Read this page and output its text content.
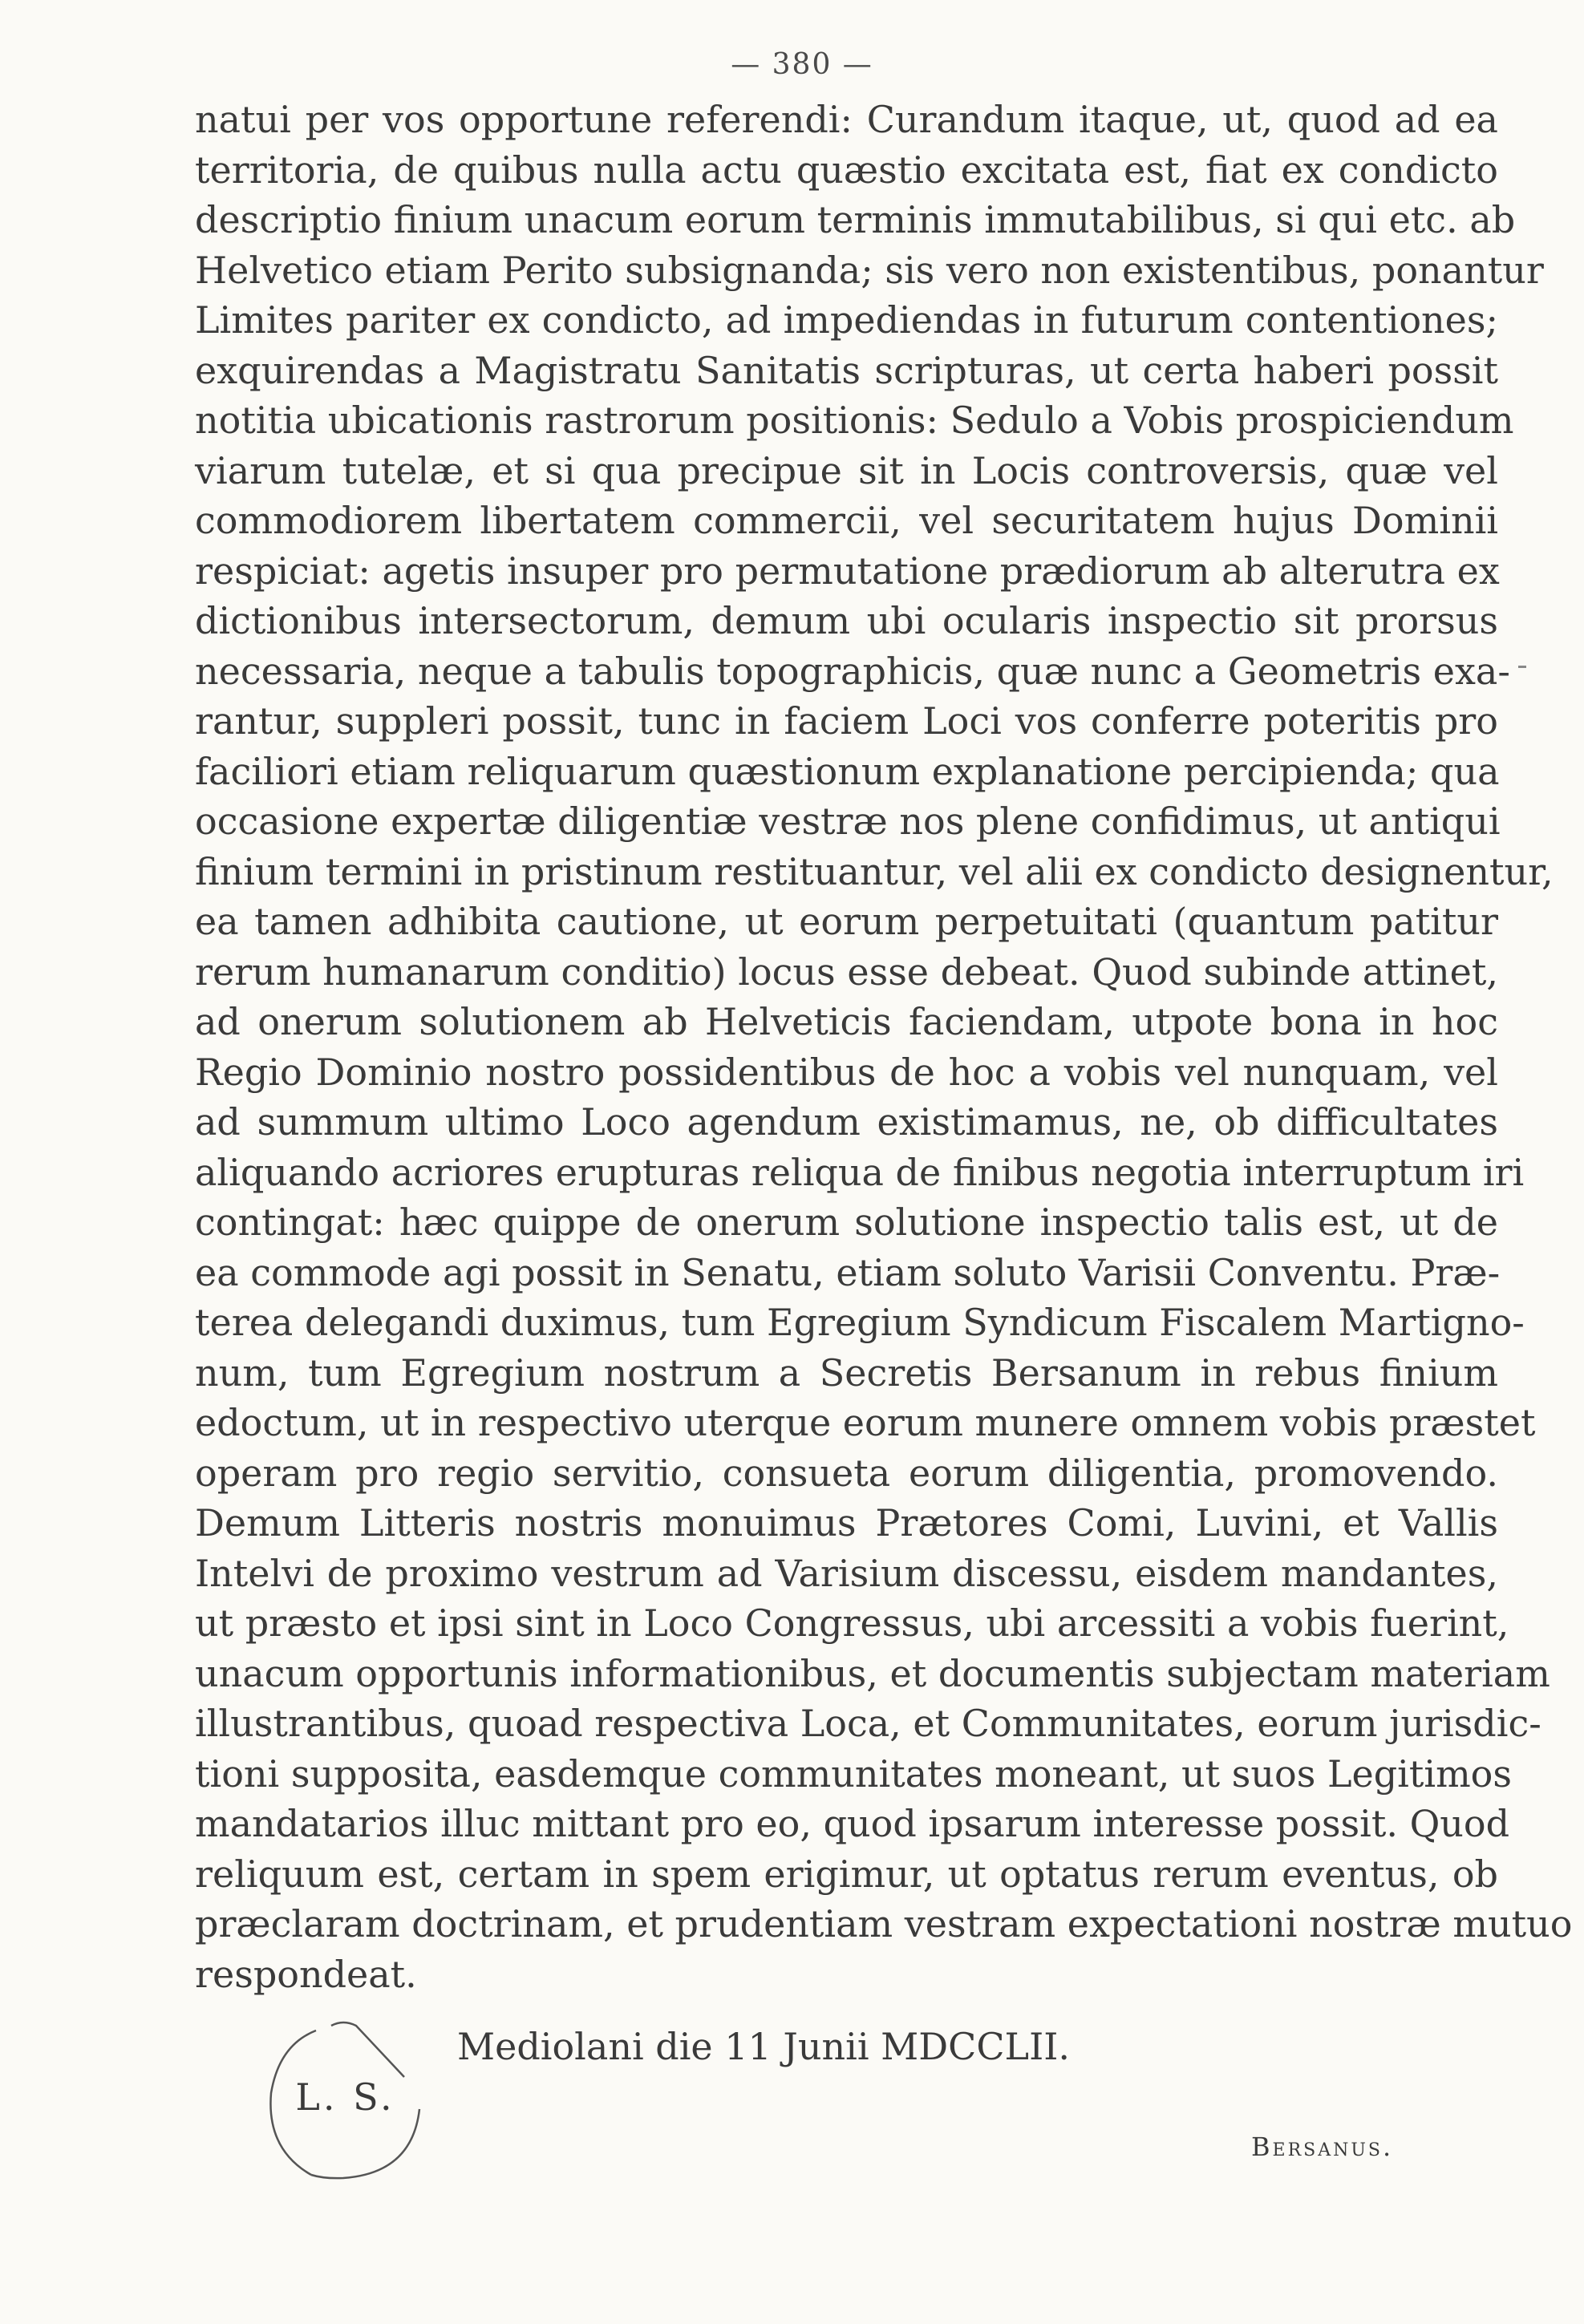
— 380 —
natui per vos opportune referendi: Curandum itaque, ut, quod ad ea
territoria, de quibus nulla actu quæstio excitata est, fiat ex condicto
descriptio finium unacum eorum terminis immutabilibus, si qui etc. ab
Helvetico etiam Perito subsignanda; sis vero non existentibus, ponantur
Limites pariter ex condicto, ad impediendas in futurum contentiones;
exquirendas a Magistratu Sanitatis scripturas, ut certa haberi possit
notitia ubicationis rastrorum positionis: Sedulo a Vobis prospiciendum
viarum tutelæ, et si qua precipue sit in Locis controversis, quæ vel
commodiorem libertatem commercii, vel securitatem hujus Dominii
respiciat: agetis insuper pro permutatione prædiorum ab alterutra ex
dictionibus intersectorum, demum ubi ocularis inspectio sit prorsus
necessaria, neque a tabulis topographicis, quæ nunc a Geometris exa-
rantur, suppleri possit, tunc in faciem Loci vos conferre poteritis pro
faciliori etiam reliquarum quæstionum explanatione percipienda; qua
occasione expertæ diligentiæ vestræ nos plene confidimus, ut antiqui
finium termini in pristinum restituantur, vel alii ex condicto designentur,
ea tamen adhibita cautione, ut eorum perpetuitati (quantum patitur
rerum humanarum conditio) locus esse debeat. Quod subinde attinet,
ad onerum solutionem ab Helveticis faciendam, utpote bona in hoc
Regio Dominio nostro possidentibus de hoc a vobis vel nunquam, vel
ad summum ultimo Loco agendum existimamus, ne, ob difficultates
aliquando acriores erupturas reliqua de finibus negotia interruptum iri
contingat: hæc quippe de onerum solutione inspectio talis est, ut de
ea commode agi possit in Senatu, etiam soluto Varisii Conventu. Præ-
terea delegandi duximus, tum Egregium Syndicum Fiscalem Martigno-
num, tum Egregium nostrum a Secretis Bersanum in rebus finium
edoctum, ut in respectivo uterque eorum munere omnem vobis præstet
operam pro regio servitio, consueta eorum diligentia, promovendo.
Demum Litteris nostris monuimus Prætores Comi, Luvini, et Vallis
Intelvi de proximo vestrum ad Varisium discessu, eisdem mandantes,
ut præsto et ipsi sint in Loco Congressus, ubi arcessiti a vobis fuerint,
unacum opportunis informationibus, et documentis subjectam materiam
illustrantibus, quoad respectiva Loca, et Communitates, eorum jurisdic-
tioni supposita, easdemque communitates moneant, ut suos Legitimos
mandatarios illuc mittant pro eo, quod ipsarum interesse possit. Quod
reliquum est, certam in spem erigimur, ut optatus rerum eventus, ob
præclaram doctrinam, et prudentiam vestram expectationi nostræ mutuo
respondeat.
L. S.
Mediolani die 11 Junii MDCCLII.
Bersanus.
